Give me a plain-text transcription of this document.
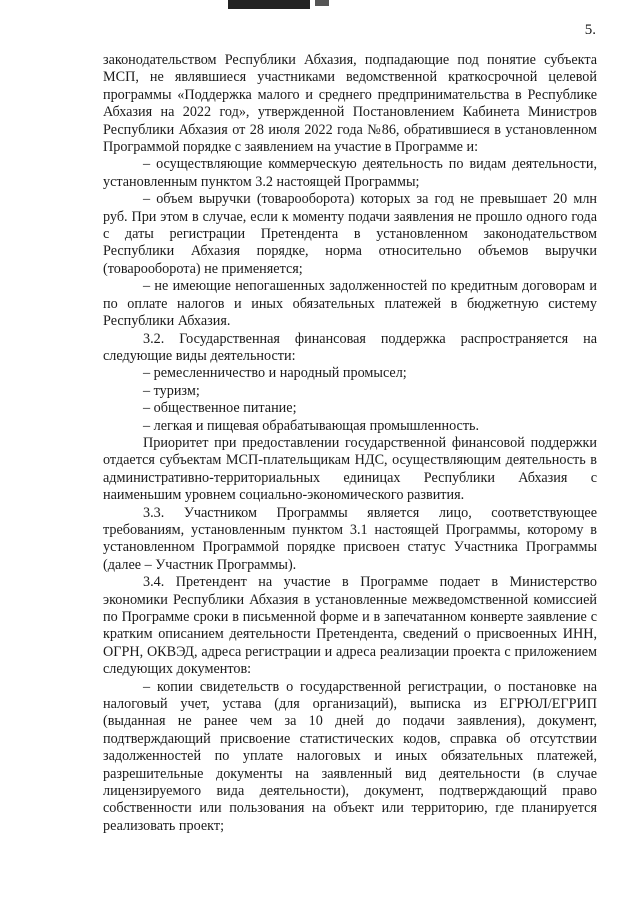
5.

законодательством Республики Абхазия, подпадающие под понятие субъекта МСП, не являвшиеся участниками ведомственной краткосрочной целевой программы «Поддержка малого и среднего предпринимательства в Республике Абхазия на 2022 год», утвержденной Постановлением Кабинета Министров Республики Абхазия от 28 июля 2022 года №86, обратившиеся в установленном Программой порядке с заявлением на участие в Программе и:

– осуществляющие коммерческую деятельность по видам деятельности, установленным пунктом 3.2 настоящей Программы;

– объем выручки (товарооборота) которых за год не превышает 20 млн руб. При этом в случае, если к моменту подачи заявления не прошло одного года с даты регистрации Претендента в установленном законодательством Республики Абхазия порядке, норма относительно объемов выручки (товарооборота) не применяется;

– не имеющие непогашенных задолженностей по кредитным договорам и по оплате налогов и иных обязательных платежей в бюджетную систему Республики Абхазия.

3.2. Государственная финансовая поддержка распространяется на следующие виды деятельности:

– ремесленничество и народный промысел;

– туризм;

– общественное питание;

– легкая и пищевая обрабатывающая промышленность.

Приоритет при предоставлении государственной финансовой поддержки отдается субъектам МСП-плательщикам НДС, осуществляющим деятельность в административно-территориальных единицах Республики Абхазия с наименьшим уровнем социально-экономического развития.

3.3. Участником Программы является лицо, соответствующее требованиям, установленным пунктом 3.1 настоящей Программы, которому в установленном Программой порядке присвоен статус Участника Программы (далее – Участник Программы).

3.4. Претендент на участие в Программе подает в Министерство экономики Республики Абхазия в установленные межведомственной комиссией по Программе сроки в письменной форме и в запечатанном конверте заявление с кратким описанием деятельности Претендента, сведений о присвоенных ИНН, ОГРН, ОКВЭД, адреса регистрации и адреса реализации проекта с приложением следующих документов:

– копии свидетельств о государственной регистрации, о постановке на налоговый учет, устава (для организаций), выписка из ЕГРЮЛ/ЕГРИП (выданная не ранее чем за 10 дней до подачи заявления), документ, подтверждающий присвоение статистических кодов, справка об отсутствии задолженностей по уплате налоговых и иных обязательных платежей, разрешительные документы на заявленный вид деятельности (в случае лицензируемого вида деятельности), документ, подтверждающий право собственности или пользования на объект или территорию, где планируется реализовать проект;
